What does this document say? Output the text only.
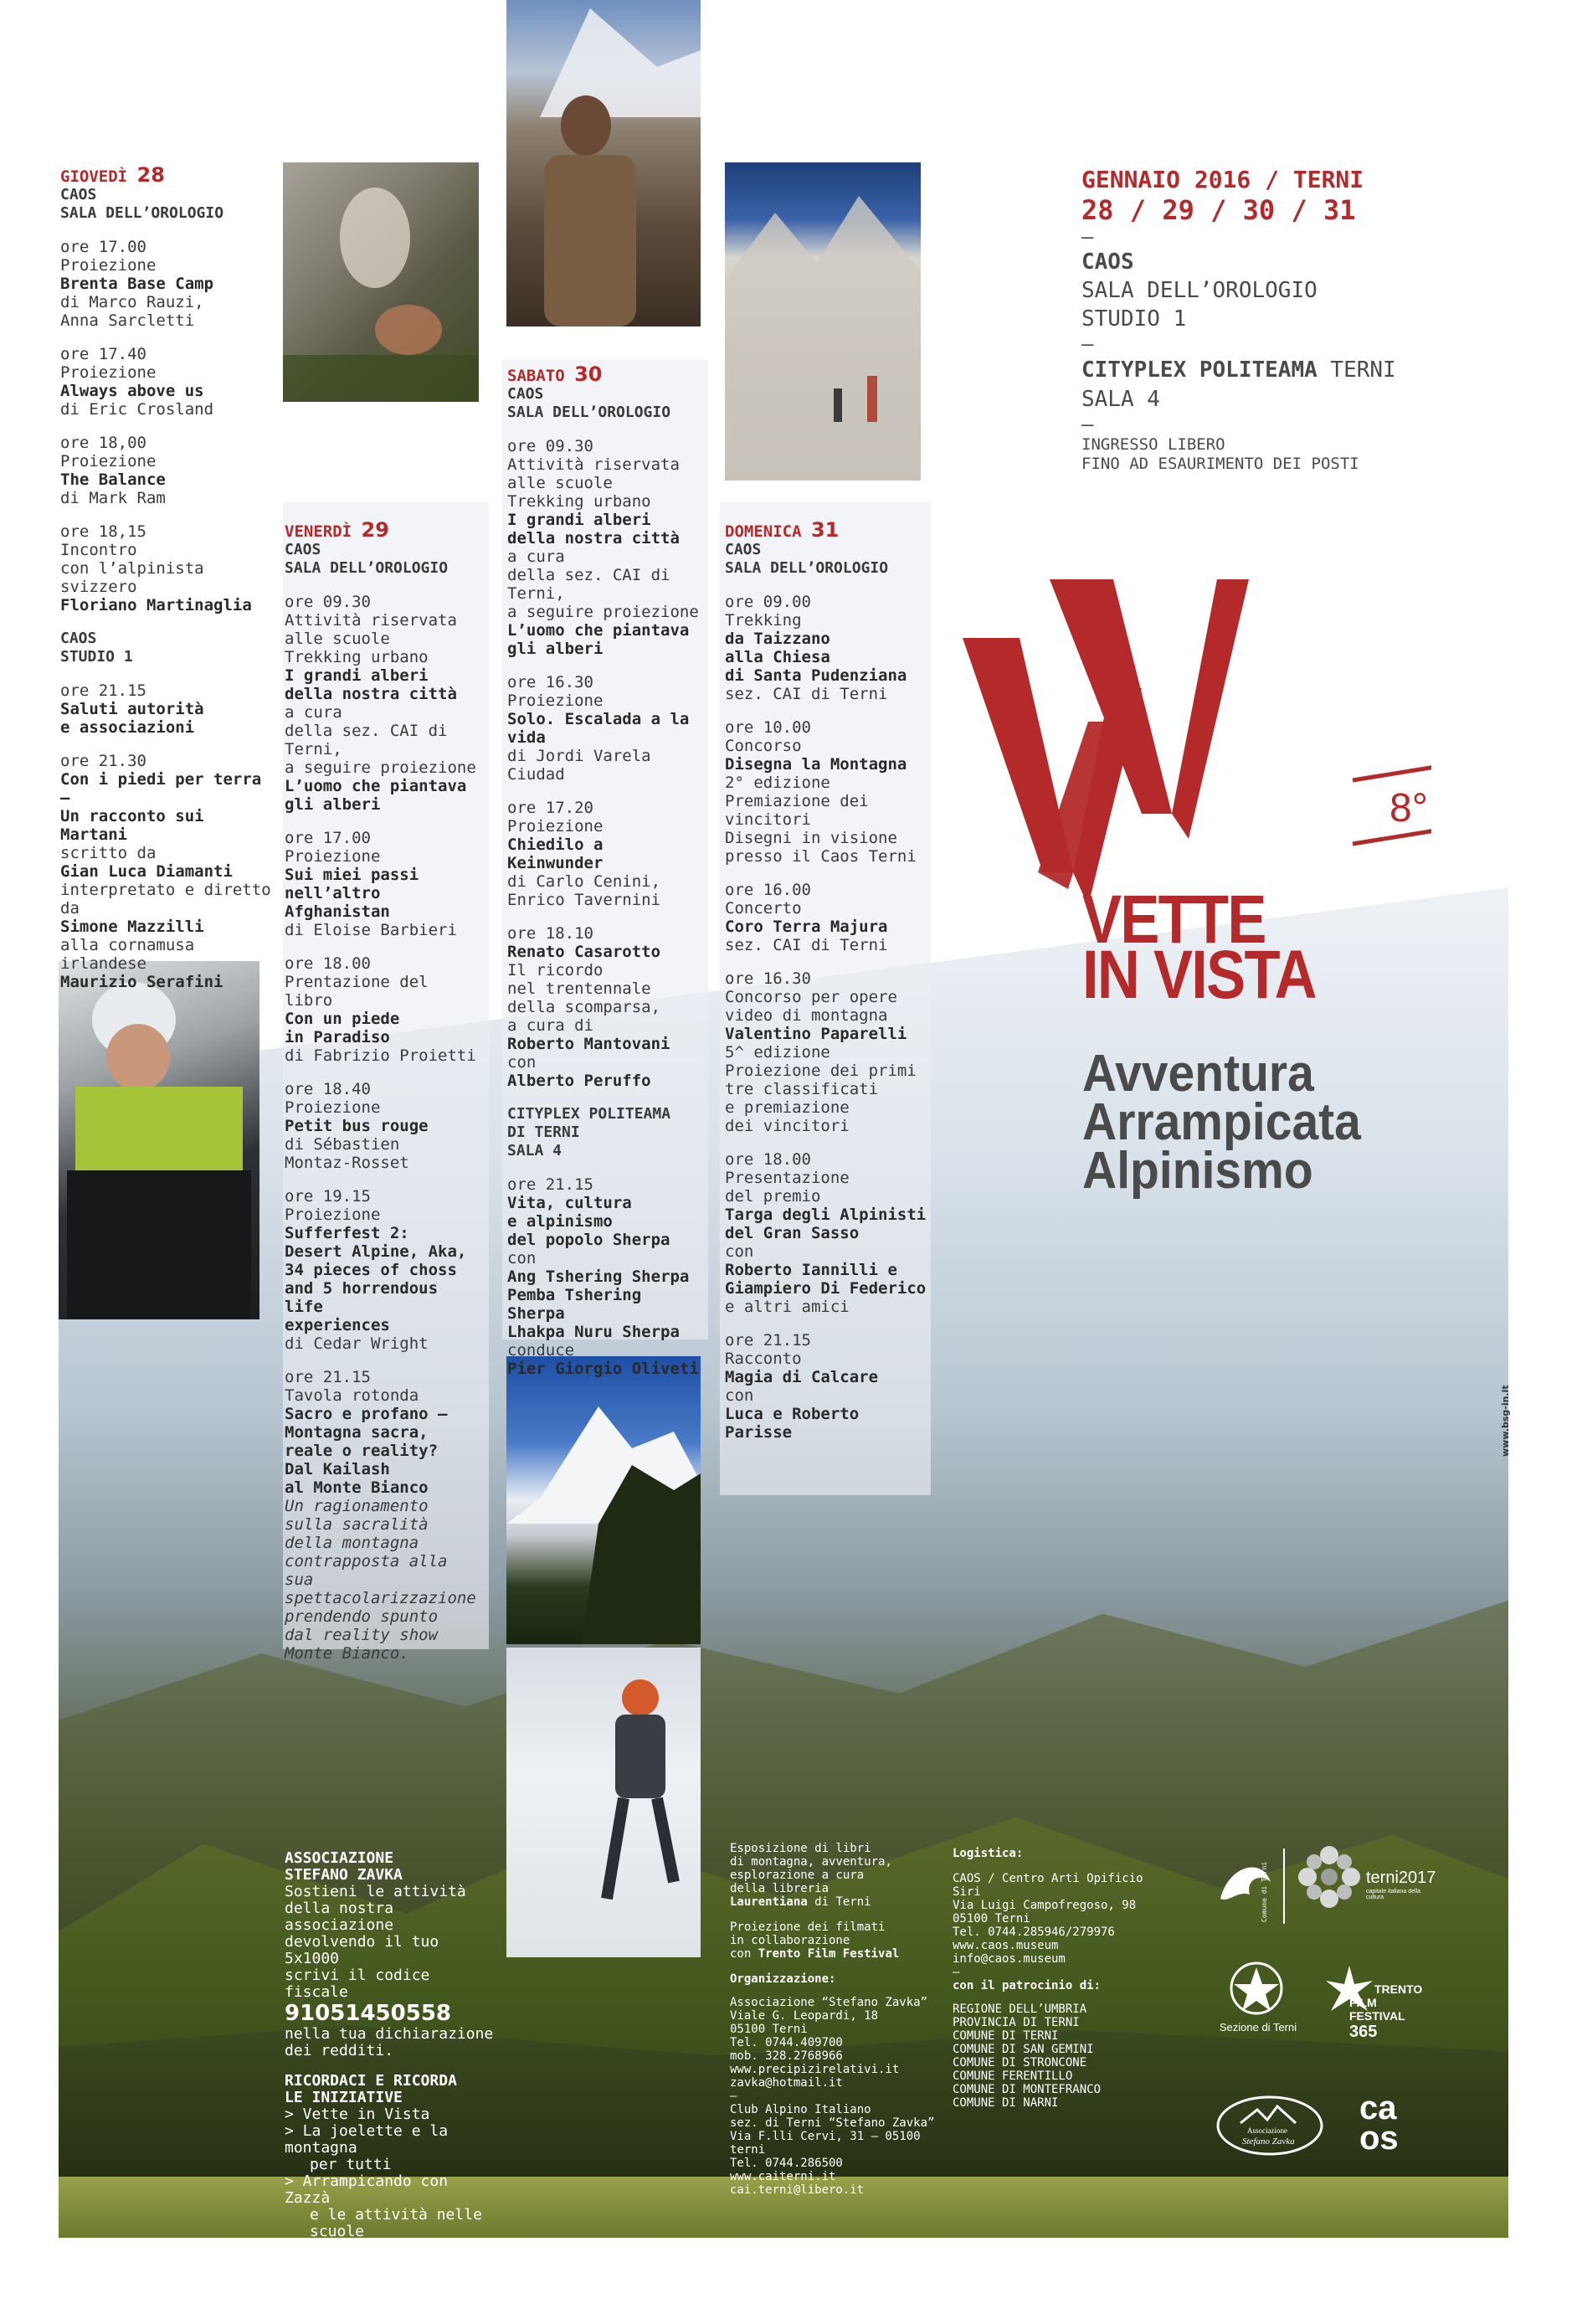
GIOVEDÌ 28
CAOS
SALA DELL’OROLOGIO
ore 17.00
Proiezione
Brenta Base Camp
di Marco Rauzi,
Anna Sarcletti
ore 17.40
Proiezione
Always above us
di Eric Crosland
ore 18,00
Proiezione
The Balance
di Mark Ram
ore 18,15
Incontro
con l’alpinista svizzero
Floriano Martinaglia
CAOS
STUDIO 1
ore 21.15
Saluti autorità
e associazioni
ore 21.30
Con i piedi per terra –
Un racconto sui Martani
scritto da
Gian Luca Diamanti
interpretato e diretto da
Simone Mazzilli
alla cornamusa
irlandese
Maurizio Serafini
VENERDÌ 29
CAOS
SALA DELL’OROLOGIO
ore 09.30
Attività riservata
alle scuole
Trekking urbano
I grandi alberi
della nostra città
a cura
della sez. CAI di Terni,
a seguire proiezione
L’uomo che piantava
gli alberi
ore 17.00
Proiezione
Sui miei passi
nell’altro Afghanistan
di Eloise Barbieri
ore 18.00
Prentazione del libro
Con un piede
in Paradiso
di Fabrizio Proietti
ore 18.40
Proiezione
Petit bus rouge
di Sébastien
Montaz-Rosset
ore 19.15
Proiezione
Sufferfest 2:
Desert Alpine, Aka,
34 pieces of choss
and 5 horrendous life
experiences
di Cedar Wright
ore 21.15
Tavola rotonda
Sacro e profano –
Montagna sacra,
reale o reality?
Dal Kailash
al Monte Bianco
Un ragionamento
sulla sacralità
della montagna
contrapposta alla sua
spettacolarizzazione
prendendo spunto
dal reality show
Monte Bianco.
SABATO 30
CAOS
SALA DELL’OROLOGIO
ore 09.30
Attività riservata
alle scuole
Trekking urbano
I grandi alberi
della nostra città
a cura
della sez. CAI di Terni,
a seguire proiezione
L’uomo che piantava
gli alberi
ore 16.30
Proiezione
Solo. Escalada a la vida
di Jordi Varela Ciudad
ore 17.20
Proiezione
Chiedilo a Keinwunder
di Carlo Cenini,
Enrico Tavernini
ore 18.10
Renato Casarotto
Il ricordo
nel trentennale
della scomparsa,
a cura di
Roberto Mantovani
con
Alberto Peruffo
CITYPLEX POLITEAMA
DI TERNI
SALA 4
ore 21.15
Vita, cultura
e alpinismo
del popolo Sherpa
con
Ang Tshering Sherpa
Pemba Tshering Sherpa
Lhakpa Nuru Sherpa
conduce
Pier Giorgio Oliveti
DOMENICA 31
CAOS
SALA DELL’OROLOGIO
ore 09.00
Trekking
da Taizzano
alla Chiesa
di Santa Pudenziana
sez. CAI di Terni
ore 10.00
Concorso
Disegna la Montagna
2° edizione
Premiazione dei vincitori
Disegni in visione
presso il Caos Terni
ore 16.00
Concerto
Coro Terra Majura
sez. CAI di Terni
ore 16.30
Concorso per opere
video di montagna
Valentino Paparelli
5^ edizione
Proiezione dei primi
tre classificati
e premiazione
dei vincitori
ore 18.00
Presentazione
del premio
Targa degli Alpinisti
del Gran Sasso
con
Roberto Iannilli e
Giampiero Di Federico
e altri amici
ore 21.15
Racconto
Magia di Calcare
con
Luca e Roberto Parisse
GENNAIO 2016 / TERNI
28 / 29 / 30 / 31
–
CAOS
SALA DELL’OROLOGIO
STUDIO 1
–
CITYPLEX POLITEAMA TERNI
SALA 4
–
INGRESSO LIBERO
FINO AD ESAURIMENTO DEI POSTI
8°
VETTE
IN VISTA
Avventura
Arrampicata
Alpinismo
www.bsg-in.it
ASSOCIAZIONE
STEFANO ZAVKA
Sostieni le attività
della nostra associazione
devolvendo il tuo 5x1000
scrivi il codice fiscale
91051450558
nella tua dichiarazione
dei redditi.
RICORDACI E RICORDA
LE INIZIATIVE
> Vette in Vista
> La joelette e la montagna
per tutti
> Arrampicando con Zazzà
e le attività nelle scuole
Esposizione di libri
di montagna, avventura,
esplorazione a cura
della libreria
Laurentiana di Terni
Proiezione dei filmati
in collaborazione
con Trento Film Festival
Organizzazione:
Associazione “Stefano Zavka”
Viale G. Leopardi, 18
05100 Terni
Tel. 0744.409700
mob. 328.2768966
www.precipizirelativi.it
zavka@hotmail.it
–
Club Alpino Italiano
sez. di Terni “Stefano Zavka”
Via F.lli Cervi, 31 – 05100 terni
Tel. 0744.286500
www.caiterni.it
cai.terni@libero.it
Logistica:
CAOS / Centro Arti Opificio Siri
Via Luigi Campofregoso, 98
05100 Terni
Tel. 0744.285946/279976
www.caos.museum
info@caos.museum
–
con il patrocinio di:
REGIONE DELL’UMBRIA
PROVINCIA DI TERNI
COMUNE DI TERNI
COMUNE DI SAN GEMINI
COMUNE DI STRONCONE
COMUNE FERENTILLO
COMUNE DI MONTEFRANCO
COMUNE DI NARNI
Comune di Terni	terni2017
capitale italiana della cultura
Sezione di Terni
TRENTO
FILM
FESTIVAL
365
Associazione
Stefano Zavka
ca
os
